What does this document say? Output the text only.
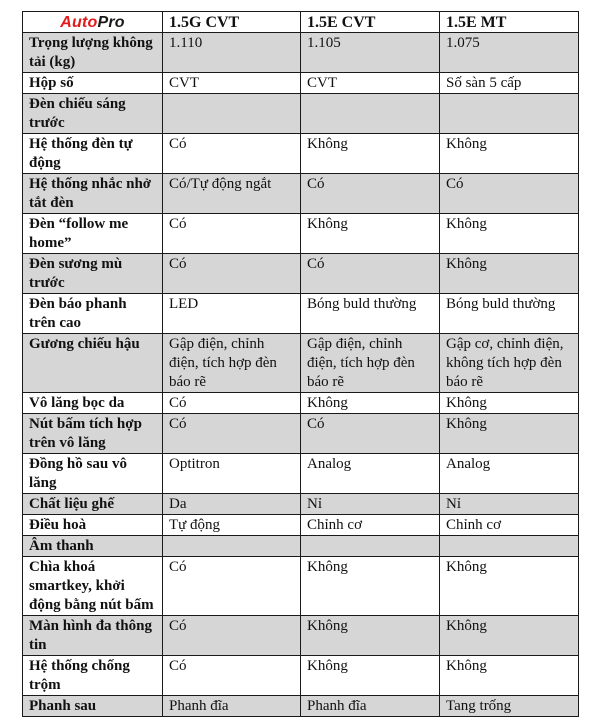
AutoPro	1.5G CVT	1.5E CVT	1.5E MT
Trọng lượng không tải (kg)	1.110	1.105	1.075
Hộp số	CVT	CVT	Số sàn 5 cấp
Đèn chiếu sáng trước			
Hệ thống đèn tự động	Có	Không	Không
Hệ thống nhắc nhở tắt đèn	Có/Tự động ngắt	Có	Có
Đèn “follow me home”	Có	Không	Không
Đèn sương mù trước	Có	Có	Không
Đèn báo phanh trên cao	LED	Bóng buld thường	Bóng buld thường
Gương chiếu hậu	Gập điện, chỉnh điện, tích hợp đèn báo rẽ	Gập điện, chỉnh điện, tích hợp đèn báo rẽ	Gập cơ, chỉnh điện, không tích hợp đèn báo rẽ
Vô lăng bọc da	Có	Không	Không
Nút bấm tích hợp trên vô lăng	Có	Có	Không
Đồng hồ sau vô lăng	Optitron	Analog	Analog
Chất liệu ghế	Da	Nỉ	Nỉ
Điều hoà	Tự động	Chỉnh cơ	Chỉnh cơ
Âm thanh			
Chìa khoá smartkey, khởi động bằng nút bấm	Có	Không	Không
Màn hình đa thông tin	Có	Không	Không
Hệ thống chống trộm	Có	Không	Không
Phanh sau	Phanh đĩa	Phanh đĩa	Tang trống
